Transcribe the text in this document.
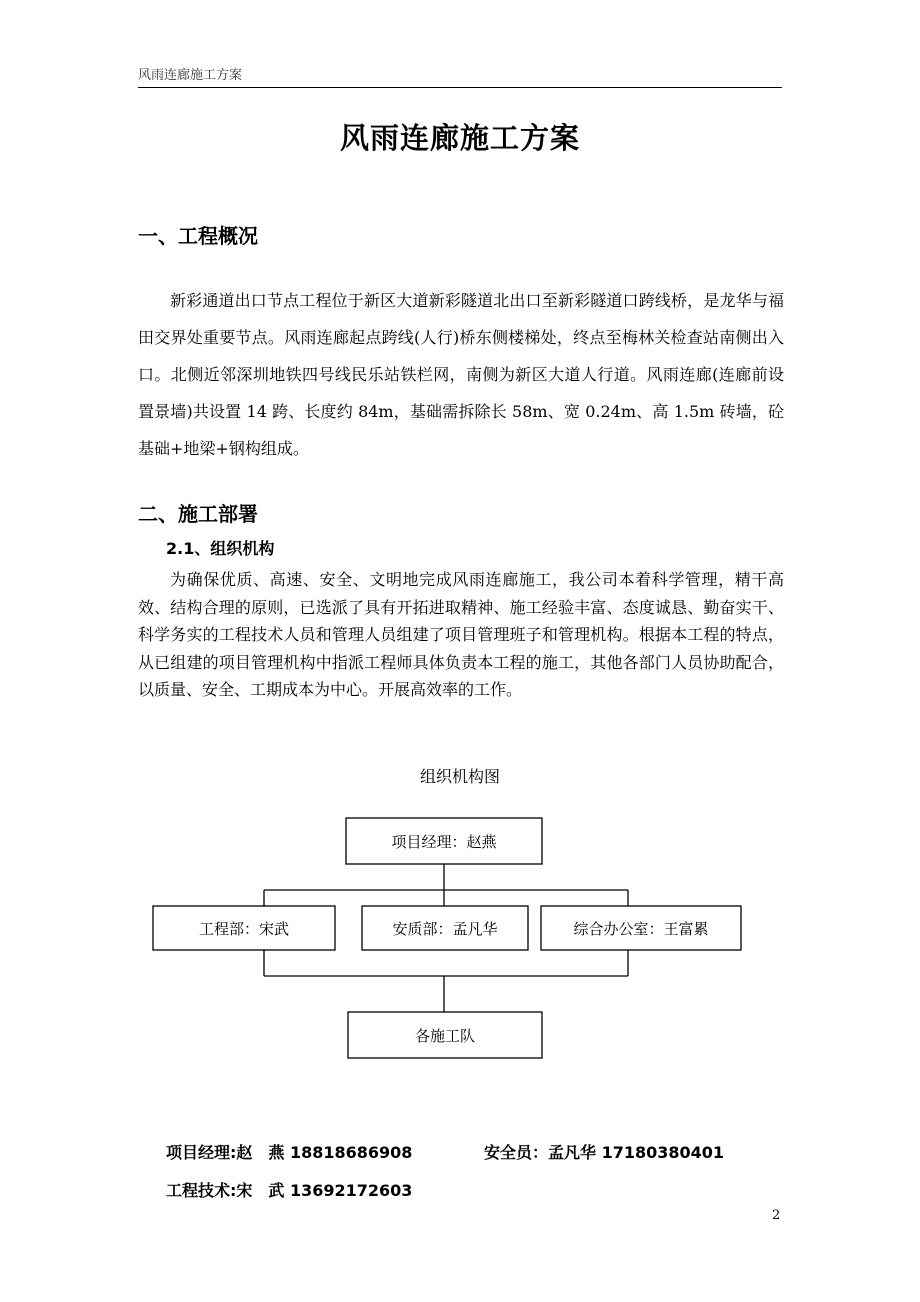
风雨连廊施工方案
风雨连廊施工方案
一、工程概况

新彩通道出口节点工程位于新区大道新彩隧道北出口至新彩隧道口跨线桥，是龙华与福田交界处重要节点。风雨连廊起点跨线(人行)桥东侧楼梯处，终点至梅林关检查站南侧出入口。北侧近邻深圳地铁四号线民乐站铁栏网，南侧为新区大道人行道。风雨连廊(连廊前设置景墙)共设置 14 跨、长度约 84m，基础需拆除长 58m、宽 0.24m、高 1.5m 砖墙，砼基础+地梁+钢构组成。

二、施工部署
2.1、组织机构

为确保优质、高速、安全、文明地完成风雨连廊施工，我公司本着科学管理，精干高效、结构合理的原则，已选派了具有开拓进取精神、施工经验丰富、态度诚恳、勤奋实干、科学务实的工程技术人员和管理人员组建了项目管理班子和管理机构。根据本工程的特点，从已组建的项目管理机构中指派工程师具体负责本工程的施工，其他各部门人员协助配合，以质量、安全、工期成本为中心。开展高效率的工作。

组织机构图
项目经理：赵燕
工程部：宋武	安质部：孟凡华	综合办公室：王富累
各施工队
项目经理:赵　燕 18818686908	安全员：孟凡华 17180380401
工程技术:宋　武 13692172603
2
